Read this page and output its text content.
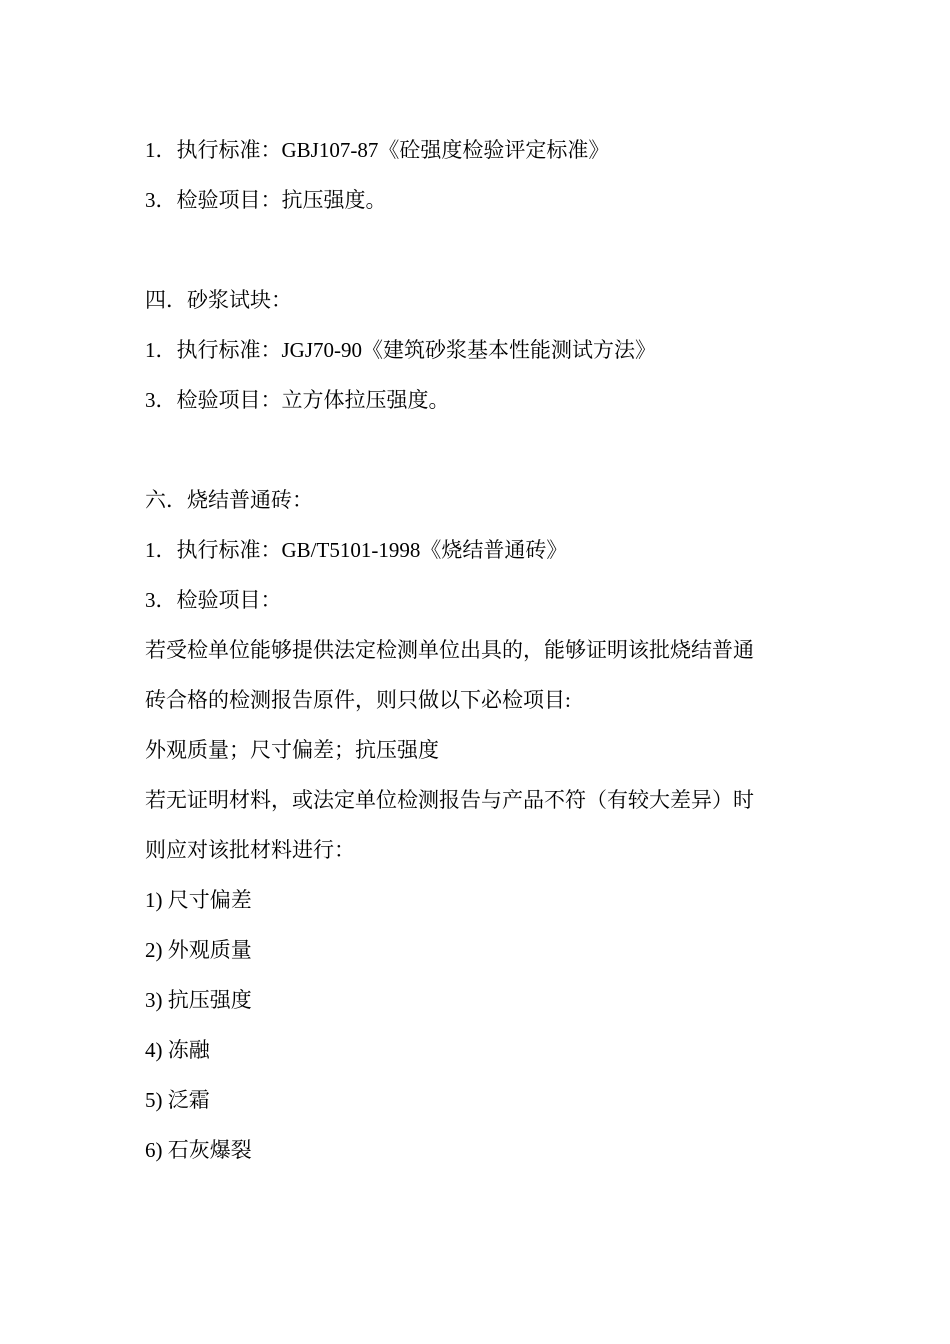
1．执行标准：GBJ107-87《砼强度检验评定标准》
3．检验项目：抗压强度。
四．砂浆试块：
1．执行标准：JGJ70-90《建筑砂浆基本性能测试方法》
3．检验项目：立方体拉压强度。
六．烧结普通砖：
1．执行标准：GB/T5101-1998《烧结普通砖》
3．检验项目：
若受检单位能够提供法定检测单位出具的，能够证明该批烧结普通
砖合格的检测报告原件，则只做以下必检项目:
外观质量；尺寸偏差；抗压强度
若无证明材料，或法定单位检测报告与产品不符（有较大差异）时
则应对该批材料进行：
1) 尺寸偏差
2) 外观质量
3) 抗压强度
4) 冻融
5) 泛霜
6) 石灰爆裂
